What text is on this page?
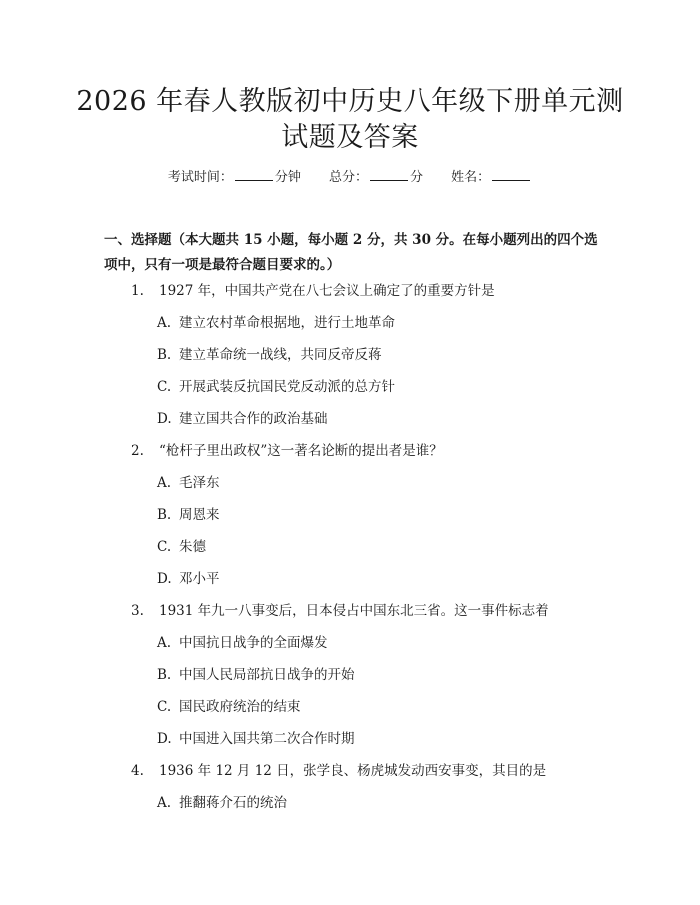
2026 年春人教版初中历史八年级下册单元测
试题及答案
考试时间：	分钟 总分：	分 姓名：
一、选择题（本大题共 15 小题，每小题 2 分，共 30 分。在每小题列出的四个选项中，只有一项是最符合题目要求的。）
1. 1927 年，中国共产党在八七会议上确定了的重要方针是
A. 建立农村革命根据地，进行土地革命
B. 建立革命统一战线，共同反帝反蒋
C. 开展武装反抗国民党反动派的总方针
D. 建立国共合作的政治基础
2. “枪杆子里出政权”这一著名论断的提出者是谁？
A. 毛泽东
B. 周恩来
C. 朱德
D. 邓小平
3. 1931 年九一八事变后，日本侵占中国东北三省。这一事件标志着
A. 中国抗日战争的全面爆发
B. 中国人民局部抗日战争的开始
C. 国民政府统治的结束
D. 中国进入国共第二次合作时期
4. 1936 年 12 月 12 日，张学良、杨虎城发动西安事变，其目的是
A. 推翻蒋介石的统治
